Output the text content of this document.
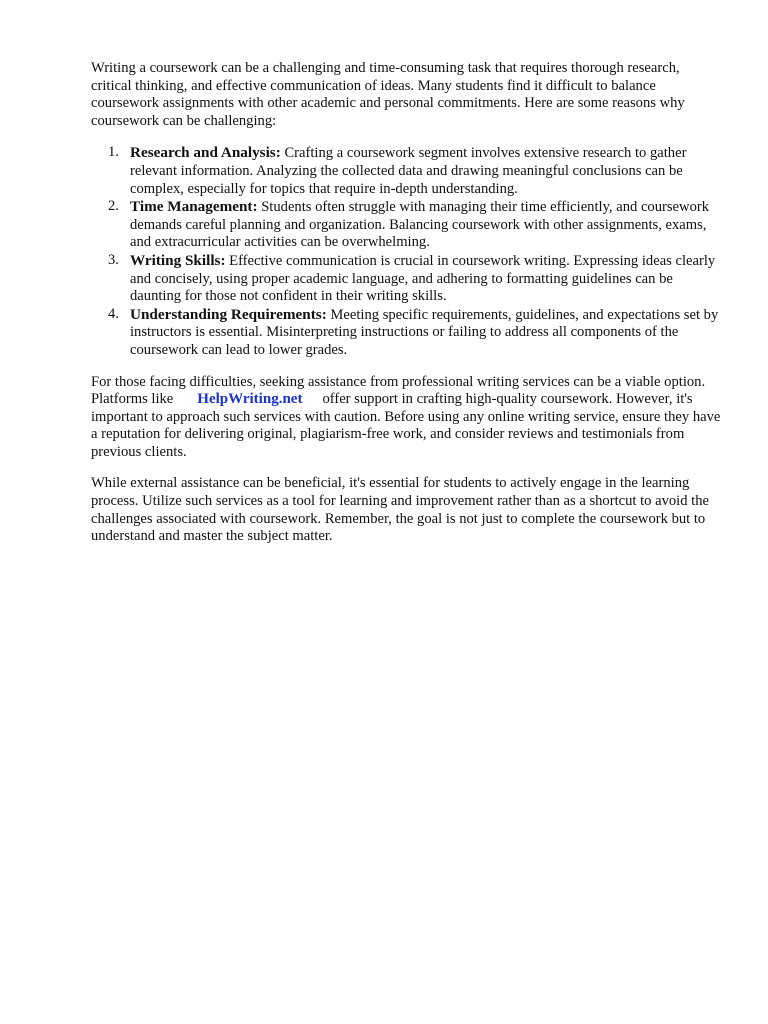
Writing a coursework can be a challenging and time-consuming task that requires thorough research, critical thinking, and effective communication of ideas. Many students find it difficult to balance coursework assignments with other academic and personal commitments. Here are some reasons why coursework can be challenging:

1. Research and Analysis: Crafting a coursework segment involves extensive research to gather relevant information. Analyzing the collected data and drawing meaningful conclusions can be complex, especially for topics that require in-depth understanding.
2. Time Management: Students often struggle with managing their time efficiently, and coursework demands careful planning and organization. Balancing coursework with other assignments, exams, and extracurricular activities can be overwhelming.
3. Writing Skills: Effective communication is crucial in coursework writing. Expressing ideas clearly and concisely, using proper academic language, and adhering to formatting guidelines can be daunting for those not confident in their writing skills.
4. Understanding Requirements: Meeting specific requirements, guidelines, and expectations set by instructors is essential. Misinterpreting instructions or failing to address all components of the coursework can lead to lower grades.

For those facing difficulties, seeking assistance from professional writing services can be a viable option. Platforms like HelpWriting.net offer support in crafting high-quality coursework. However, it's important to approach such services with caution. Before using any online writing service, ensure they have a reputation for delivering original, plagiarism-free work, and consider reviews and testimonials from previous clients.

While external assistance can be beneficial, it's essential for students to actively engage in the learning process. Utilize such services as a tool for learning and improvement rather than as a shortcut to avoid the challenges associated with coursework. Remember, the goal is not just to complete the coursework but to understand and master the subject matter.
